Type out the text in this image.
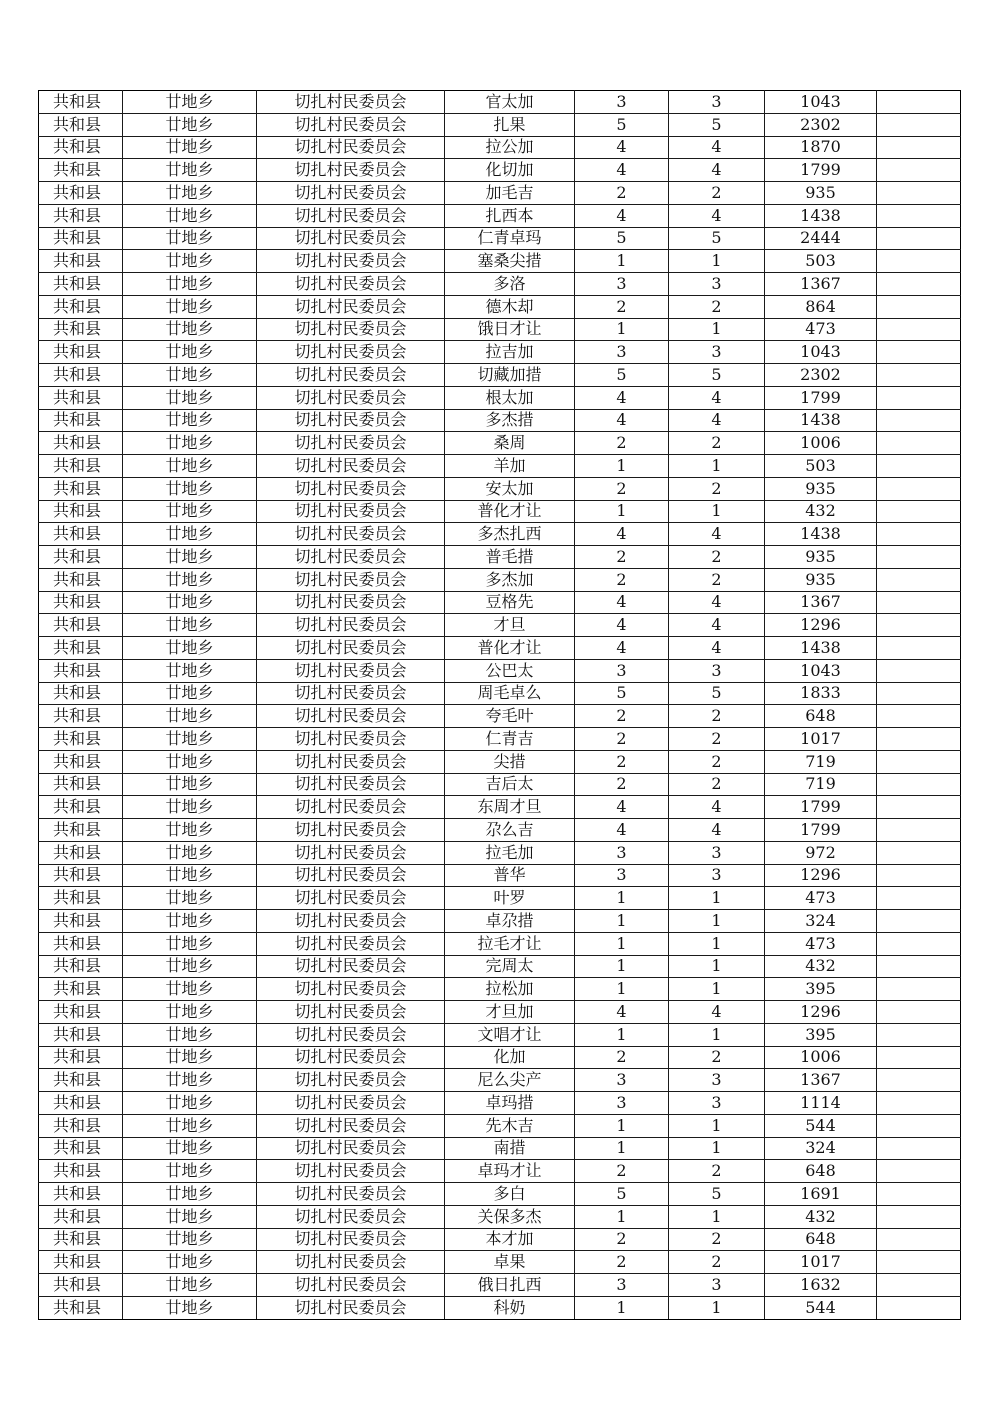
共和县	廿地乡	切扎村民委员会	官太加	3	3	1043	
共和县	廿地乡	切扎村民委员会	扎果	5	5	2302	
共和县	廿地乡	切扎村民委员会	拉公加	4	4	1870	
共和县	廿地乡	切扎村民委员会	化切加	4	4	1799	
共和县	廿地乡	切扎村民委员会	加毛吉	2	2	935	
共和县	廿地乡	切扎村民委员会	扎西本	4	4	1438	
共和县	廿地乡	切扎村民委员会	仁青卓玛	5	5	2444	
共和县	廿地乡	切扎村民委员会	塞桑尖措	1	1	503	
共和县	廿地乡	切扎村民委员会	多洛	3	3	1367	
共和县	廿地乡	切扎村民委员会	德木却	2	2	864	
共和县	廿地乡	切扎村民委员会	饿日才让	1	1	473	
共和县	廿地乡	切扎村民委员会	拉吉加	3	3	1043	
共和县	廿地乡	切扎村民委员会	切藏加措	5	5	2302	
共和县	廿地乡	切扎村民委员会	根太加	4	4	1799	
共和县	廿地乡	切扎村民委员会	多杰措	4	4	1438	
共和县	廿地乡	切扎村民委员会	桑周	2	2	1006	
共和县	廿地乡	切扎村民委员会	羊加	1	1	503	
共和县	廿地乡	切扎村民委员会	安太加	2	2	935	
共和县	廿地乡	切扎村民委员会	普化才让	1	1	432	
共和县	廿地乡	切扎村民委员会	多杰扎西	4	4	1438	
共和县	廿地乡	切扎村民委员会	普毛措	2	2	935	
共和县	廿地乡	切扎村民委员会	多杰加	2	2	935	
共和县	廿地乡	切扎村民委员会	豆格先	4	4	1367	
共和县	廿地乡	切扎村民委员会	才旦	4	4	1296	
共和县	廿地乡	切扎村民委员会	普化才让	4	4	1438	
共和县	廿地乡	切扎村民委员会	公巴太	3	3	1043	
共和县	廿地乡	切扎村民委员会	周毛卓么	5	5	1833	
共和县	廿地乡	切扎村民委员会	夸毛叶	2	2	648	
共和县	廿地乡	切扎村民委员会	仁青吉	2	2	1017	
共和县	廿地乡	切扎村民委员会	尖措	2	2	719	
共和县	廿地乡	切扎村民委员会	吉后太	2	2	719	
共和县	廿地乡	切扎村民委员会	东周才旦	4	4	1799	
共和县	廿地乡	切扎村民委员会	尕么吉	4	4	1799	
共和县	廿地乡	切扎村民委员会	拉毛加	3	3	972	
共和县	廿地乡	切扎村民委员会	普华	3	3	1296	
共和县	廿地乡	切扎村民委员会	叶罗	1	1	473	
共和县	廿地乡	切扎村民委员会	卓尕措	1	1	324	
共和县	廿地乡	切扎村民委员会	拉毛才让	1	1	473	
共和县	廿地乡	切扎村民委员会	完周太	1	1	432	
共和县	廿地乡	切扎村民委员会	拉松加	1	1	395	
共和县	廿地乡	切扎村民委员会	才旦加	4	4	1296	
共和县	廿地乡	切扎村民委员会	文唱才让	1	1	395	
共和县	廿地乡	切扎村民委员会	化加	2	2	1006	
共和县	廿地乡	切扎村民委员会	尼么尖产	3	3	1367	
共和县	廿地乡	切扎村民委员会	卓玛措	3	3	1114	
共和县	廿地乡	切扎村民委员会	先木吉	1	1	544	
共和县	廿地乡	切扎村民委员会	南措	1	1	324	
共和县	廿地乡	切扎村民委员会	卓玛才让	2	2	648	
共和县	廿地乡	切扎村民委员会	多白	5	5	1691	
共和县	廿地乡	切扎村民委员会	关保多杰	1	1	432	
共和县	廿地乡	切扎村民委员会	本才加	2	2	648	
共和县	廿地乡	切扎村民委员会	卓果	2	2	1017	
共和县	廿地乡	切扎村民委员会	俄日扎西	3	3	1632	
共和县	廿地乡	切扎村民委员会	科奶	1	1	544	
